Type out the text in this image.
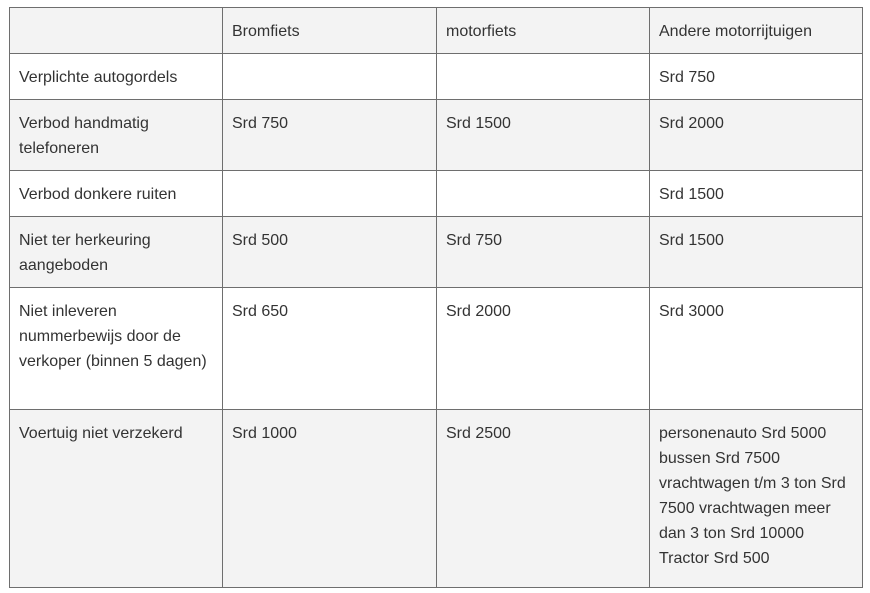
	Bromfiets	motorfiets	Andere motorrijtuigen
Verplichte autogordels			Srd 750
Verbod handmatig telefoneren	Srd 750	Srd 1500	Srd 2000
Verbod donkere ruiten			Srd 1500
Niet ter herkeuring aangeboden	Srd 500	Srd 750	Srd 1500
Niet inleveren nummerbewijs door de verkoper (binnen 5 dagen)	Srd 650	Srd 2000	Srd 3000
Voertuig niet verzekerd	Srd 1000	Srd 2500	personenauto Srd 5000 bussen Srd 7500 vrachtwagen t/m 3 ton Srd 7500 vrachtwagen meer dan 3 ton Srd 10000 Tractor Srd 500
